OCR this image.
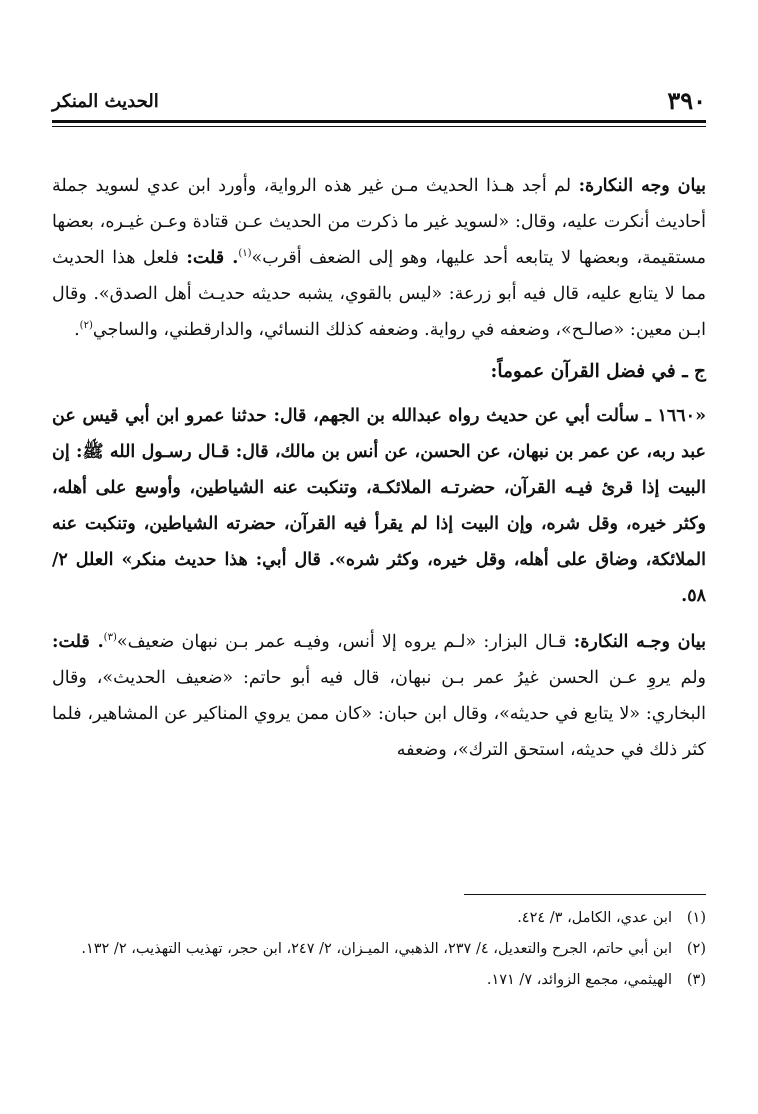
٣٩٠
الحديث المنكر

بيان وجه النكارة: لم أجد هـذا الحديث مـن غير هذه الرواية، وأورد ابن عدي لسويد جملة أحاديث أنكرت عليه، وقال: «لسويد غير ما ذكرت من الحديث عـن قتادة وعـن غيـره، بعضها مستقيمة، وبعضها لا يتابعه أحد عليها، وهو إلى الضعف أقرب»$^{(١)}$. قلت: فلعل هذا الحديث مما لا يتابع عليه، قال فيه أبو زرعة: «ليس بالقوي، يشبه حديثه حديـث أهل الصدق». وقال ابـن معين: «صالـح»، وضعفه في رواية. وضعفه كذلك النسائي، والدارقطني، والساجي$^{(٢)}$.

ج ـ في فضل القرآن عموماً:

«١٦٦٠ ـ سألت أبي عن حديث رواه عبدالله بن الجهم، قال: حدثنا عمرو ابن أبي قيس عن عبد ربه، عن عمر بن نبهان، عن الحسن، عن أنس بن مالك، قال: قـال رسـول الله ﷺ: إن البيت إذا قرئ فيـه القرآن، حضرتـه الملائكـة، وتنكبت عنه الشياطين، وأوسع على أهله، وكثر خيره، وقل شره، وإن البيت إذا لم يقرأ فيه القرآن، حضرته الشياطين، وتنكبت عنه الملائكة، وضاق على أهله، وقل خيره، وكثر شره». قال أبي: هذا حديث منكر» العلل ٢/ ٥٨.

بيان وجـه النكارة: قـال البزار: «لـم يروه إلا أنس، وفيـه عمر بـن نبهان ضعيف»$^{(٣)}$. قلت: ولم يروِ عـن الحسن غيرُ عمر بـن نبهان، قال فيه أبو حاتم: «ضعيف الحديث»، وقال البخاري: «لا يتابع في حديثه»، وقال ابن حبان: «كان ممن يروي المناكير عن المشاهير، فلما كثر ذلك في حديثه، استحق الترك»، وضعفه

(١)
ابن عدي، الكامل، ٣/ ٤٢٤.
(٢)
ابن أبي حاتم، الجرح والتعديل، ٤/ ٢٣٧، الذهبي، الميـزان، ٢/ ٢٤٧، ابن حجر، تهذيب التهذيب، ٢/ ١٣٢.
(٣)
الهيثمي، مجمع الزوائد، ٧/ ١٧١.
